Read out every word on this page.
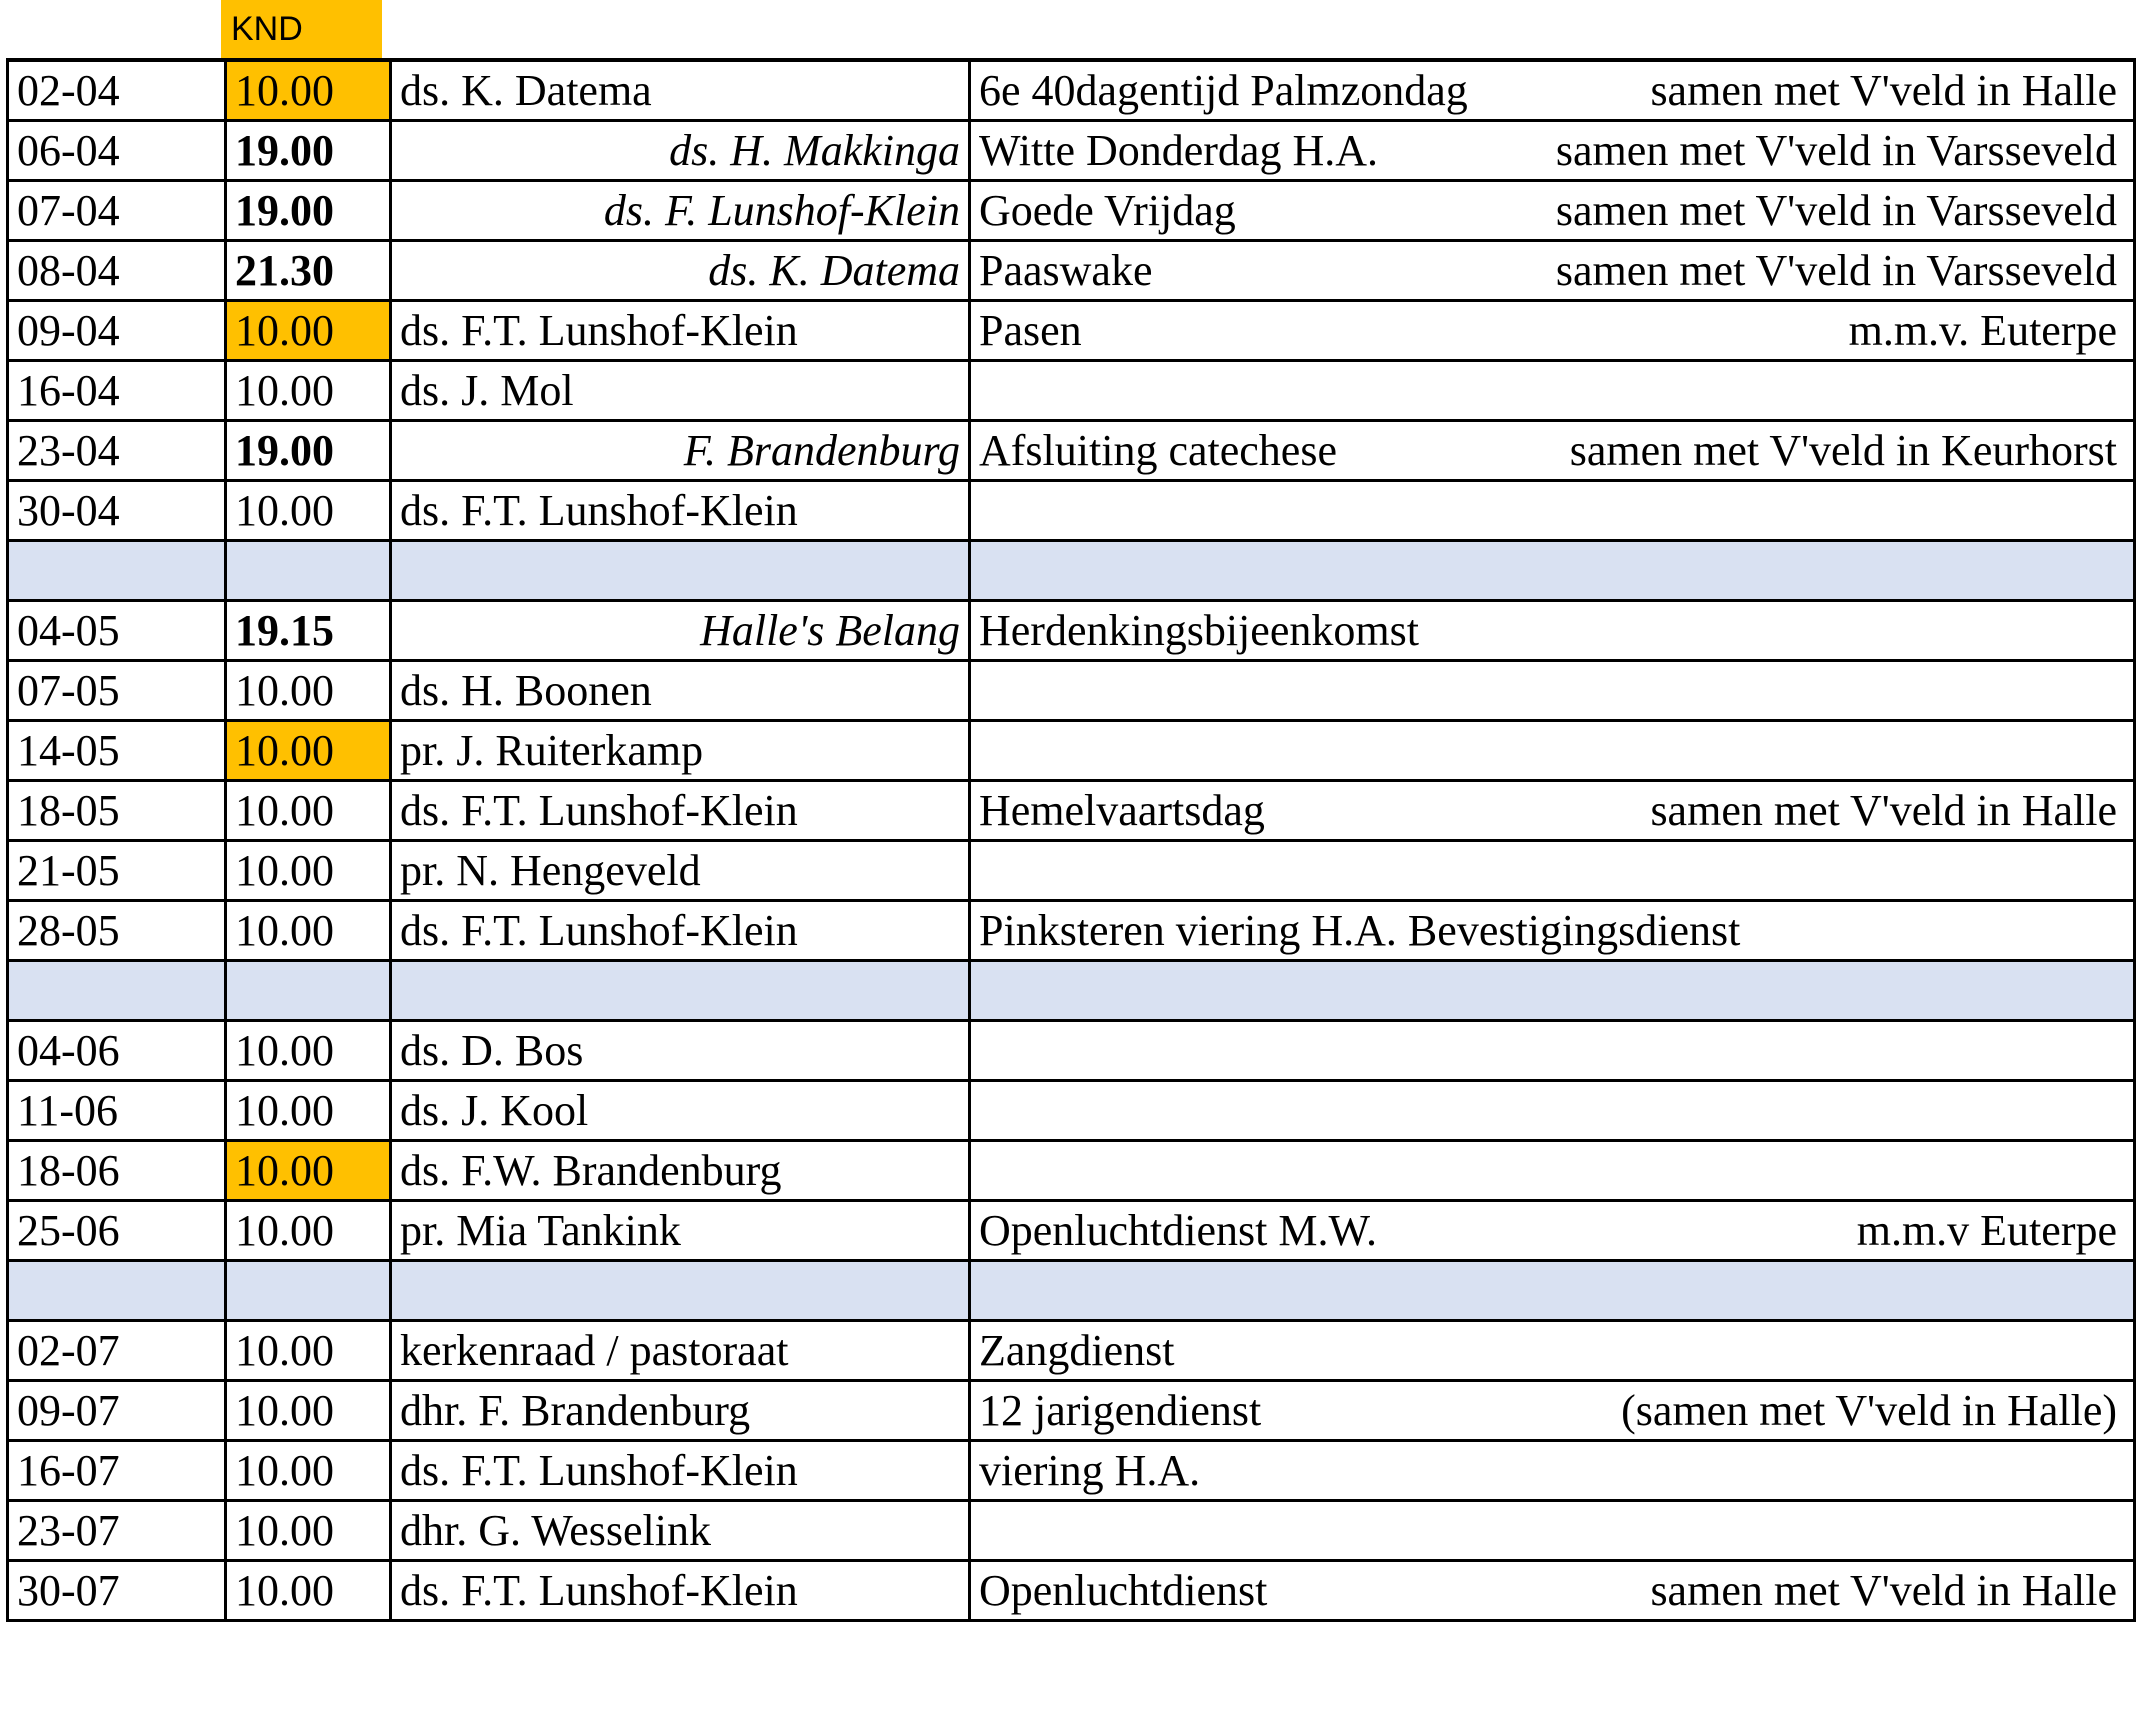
KND
02-04	10.00	ds. K. Datema	6e 40dagentijd Palmzondag samen met V'veld in Halle

06-04	19.00	ds. H. Makkinga	Witte Donderdag H.A. samen met V'veld in Varsseveld

07-04	19.00	ds. F. Lunshof-Klein	Goede Vrijdag samen met V'veld in Varsseveld

08-04	21.30	ds. K. Datema	Paaswake samen met V'veld in Varsseveld

09-04	10.00	ds. F.T. Lunshof-Klein	Pasen m.m.v. Euterpe

16-04	10.00	ds. J. Mol	

23-04	19.00	F. Brandenburg	Afsluiting catechese samen met V'veld in Keurhorst

30-04	10.00	ds. F.T. Lunshof-Klein	

04-05	19.15	Halle's Belang	Herdenkingsbijeenkomst

07-05	10.00	ds. H. Boonen	

14-05	10.00	pr. J. Ruiterkamp	

18-05	10.00	ds. F.T. Lunshof-Klein	Hemelvaartsdag samen met V'veld in Halle

21-05	10.00	pr. N. Hengeveld	

28-05	10.00	ds. F.T. Lunshof-Klein	Pinksteren viering H.A. Bevestigingsdienst

04-06	10.00	ds. D. Bos	

11-06	10.00	ds. J. Kool	

18-06	10.00	ds. F.W. Brandenburg	

25-06	10.00	pr. Mia Tankink	Openluchtdienst M.W. m.m.v Euterpe

02-07	10.00	kerkenraad / pastoraat	Zangdienst

09-07	10.00	dhr. F. Brandenburg	12 jarigendienst (samen met V'veld in Halle)

16-07	10.00	ds. F.T. Lunshof-Klein	viering H.A.

23-07	10.00	dhr. G. Wesselink	

30-07	10.00	ds. F.T. Lunshof-Klein	Openluchtdienst samen met V'veld in Halle
